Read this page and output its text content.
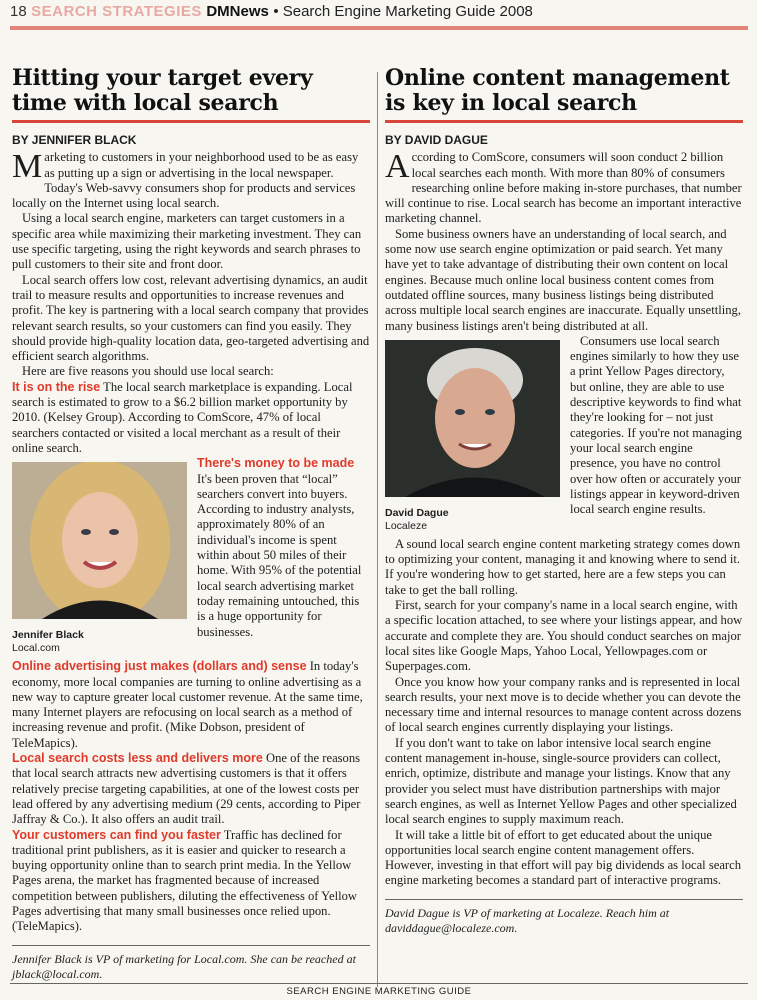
18 SEARCH STRATEGIES DMNews • Search Engine Marketing Guide 2008
Hitting your target every time with local search
BY JENNIFER BLACK

Marketing to customers in your neighborhood used to be as easy as putting up a sign or advertising in the local newspaper. Today's Web-savvy consumers shop for products and services locally on the Internet using local search.

Using a local search engine, marketers can target customers in a specific area while maximizing their marketing investment. They can use specific targeting, using the right keywords and search phrases to pull customers to their site and front door.

Local search offers low cost, relevant advertising dynamics, an audit trail to measure results and opportunities to increase revenues and profit. The key is partnering with a local search company that provides relevant search results, so your customers can find you easily. They should provide high-quality location data, geo-targeted advertising and efficient search algorithms.

Here are five reasons you should use local search:

It is on the rise The local search marketplace is expanding. Local search is estimated to grow to a $6.2 billion market opportunity by 2010. (Kelsey Group). According to ComScore, 47% of local searchers contacted or visited a local merchant as a result of their online search.

Jennifer Black
Local.com

There's money to be made It's been proven that “local” searchers convert into buyers. According to industry analysts, approximately 80% of an individual's income is spent within about 50 miles of their home. With 95% of the potential local search advertising market today remaining untouched, this is a huge opportunity for businesses.

Online advertising just makes (dollars and) sense In today's economy, more local companies are turning to online advertising as a new way to capture greater local customer revenue. At the same time, many Internet players are refocusing on local search as a method of increasing revenue and profit. (Mike Dobson, president of TeleMapics).

Local search costs less and delivers more One of the reasons that local search attracts new advertising customers is that it offers relatively precise targeting capabilities, at one of the lowest costs per lead offered by any advertising medium (29 cents, according to Piper Jaffray & Co.). It also offers an audit trail.

Your customers can find you faster Traffic has declined for traditional print publishers, as it is easier and quicker to research a buying opportunity online than to search print media. In the Yellow Pages arena, the market has fragmented because of increased competition between publishers, diluting the effectiveness of Yellow Pages advertising that many small businesses once relied upon. (TeleMapics).

Jennifer Black is VP of marketing for Local.com. She can be reached at jblack@local.com.
Online content management is key in local search
BY DAVID DAGUE

According to ComScore, consumers will soon conduct 2 billion local searches each month. With more than 80% of consumers researching online before making in-store purchases, that number will continue to rise. Local search has become an important interactive marketing channel.

Some business owners have an understanding of local search, and some now use search engine optimization or paid search. Yet many have yet to take advantage of distributing their own content on local engines. Because much online local business content comes from outdated offline sources, many business listings being distributed across multiple local search engines are inaccurate. Equally unsettling, many business listings aren't being distributed at all.

David Dague
Localeze

Consumers use local search engines similarly to how they use a print Yellow Pages directory, but online, they are able to use descriptive keywords to find what they're looking for – not just categories. If you're not managing your local search engine presence, you have no control over how often or accurately your listings appear in keyword-driven local search engine results.

A sound local search engine content marketing strategy comes down to optimizing your content, managing it and knowing where to send it. If you're wondering how to get started, here are a few steps you can take to get the ball rolling.

First, search for your company's name in a local search engine, with a specific location attached, to see where your listings appear, and how accurate and complete they are. You should conduct searches on major local sites like Google Maps, Yahoo Local, Yellowpages.com or Superpages.com.

Once you know how your company ranks and is represented in local search results, your next move is to decide whether you can devote the necessary time and internal resources to manage content across dozens of local search engines currently displaying your listings.

If you don't want to take on labor intensive local search engine content management in-house, single-source providers can collect, enrich, optimize, distribute and manage your listings. Know that any provider you select must have distribution partnerships with major search engines, as well as Internet Yellow Pages and other specialized local search engines to supply maximum reach.

It will take a little bit of effort to get educated about the unique opportunities local search engine content management offers. However, investing in that effort will pay big dividends as local search engine marketing becomes a standard part of interactive programs.

David Dague is VP of marketing at Localeze. Reach him at daviddague@localeze.com.
SEARCH ENGINE MARKETING GUIDE
